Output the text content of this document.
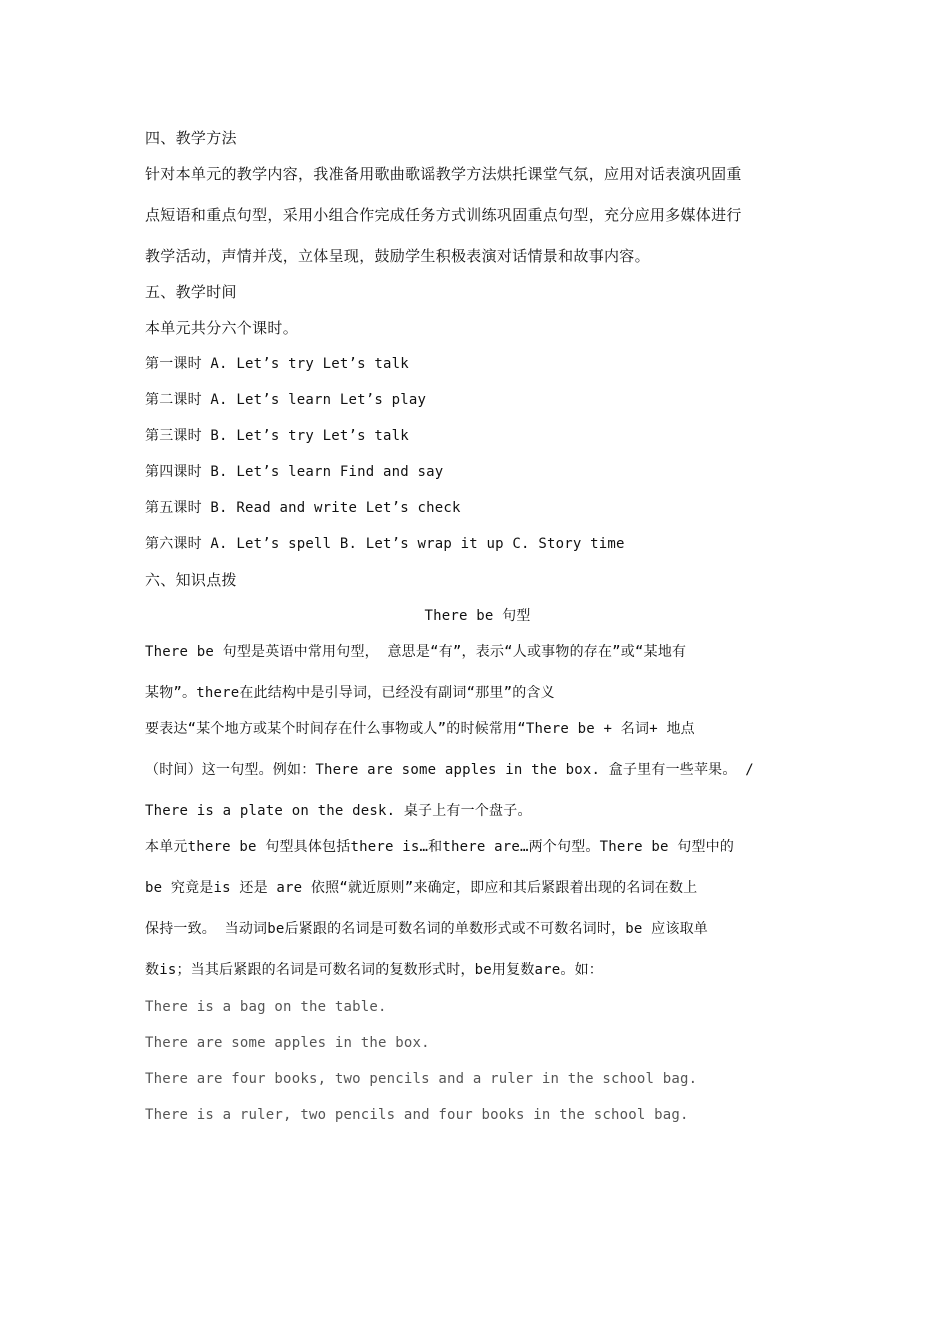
四、教学方法
针对本单元的教学内容，我准备用歌曲歌谣教学方法烘托课堂气氛，应用对话表演巩固重
点短语和重点句型，采用小组合作完成任务方式训练巩固重点句型，充分应用多媒体进行
教学活动，声情并茂，立体呈现，鼓励学生积极表演对话情景和故事内容。
五、教学时间
本单元共分六个课时。
第一课时 A. Let’s try Let’s talk
第二课时 A. Let’s learn Let’s play
第三课时 B. Let’s try Let’s talk
第四课时 B. Let’s learn Find and say
第五课时 B. Read and write Let’s check
第六课时 A. Let’s spell B. Let’s wrap it up C. Story time
六、知识点拨
There be 句型
There be 句型是英语中常用句型， 意思是“有”，表示“人或事物的存在”或“某地有
某物”。there在此结构中是引导词，已经没有副词“那里”的含义
要表达“某个地方或某个时间存在什么事物或人”的时候常用“There be + 名词+ 地点
（时间）这一句型。例如：There are some apples in the box. 盒子里有一些苹果。 /
There is a plate on the desk. 桌子上有一个盘子。
本单元there be 句型具体包括there is…和there are…两个句型。There be 句型中的
be 究竟是is 还是 are 依照“就近原则”来确定，即应和其后紧跟着出现的名词在数上
保持一致。 当动词be后紧跟的名词是可数名词的单数形式或不可数名词时，be 应该取单
数is；当其后紧跟的名词是可数名词的复数形式时，be用复数are。如：
There is a bag on the table.
There are some apples in the box.
There are four books, two pencils and a ruler in the school bag.
There is a ruler, two pencils and four books in the school bag.
